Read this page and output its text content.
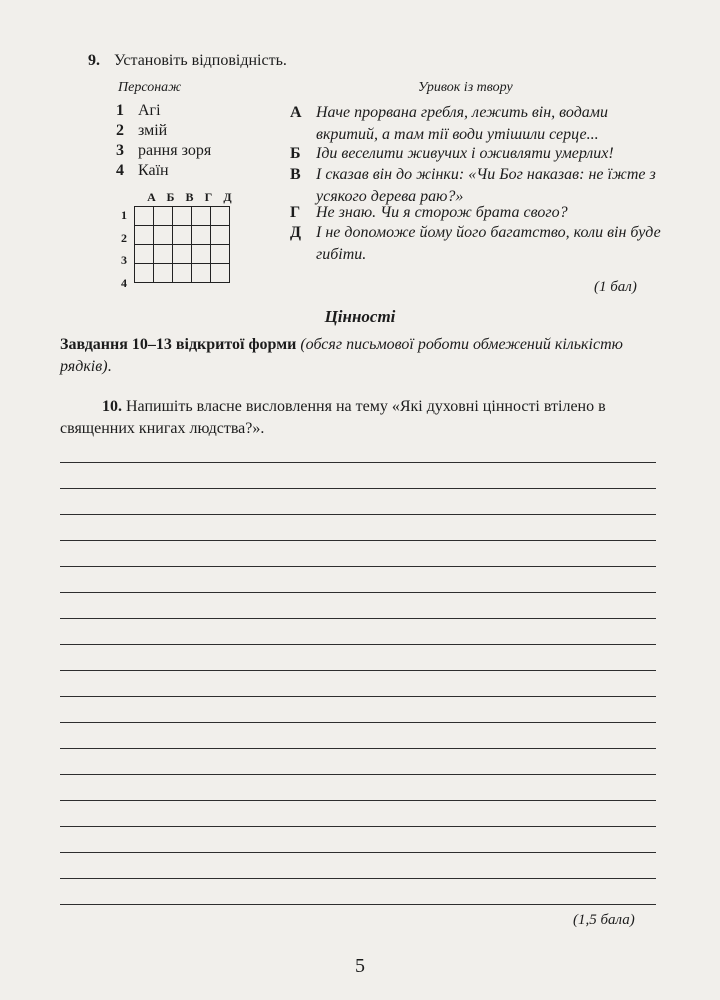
9. Установіть відповідність.
Персонаж	Уривок із твору
1 Агі
2 змій
3 рання зоря
4 Каїн
А Б В Г Д
1
2
3
4

А Наче прорвана гребля, лежить він, водами вкритий, а там тії води утішили серце...
Б Іди веселити живучих і оживляти умерлих!
В І сказав він до жінки: «Чи Бог наказав: не їжте з усякого дерева раю?»
Г Не знаю. Чи я сторож брата свого?
Д І не допоможе йому його багатство, коли він буде гибіти.
(1 бал)
Цінності
Завдання 10–13 відкритої форми (обсяг письмової роботи обмежений кількістю рядків).
10. Напишіть власне висловлення на тему «Які духовні цінності втілено в священних книгах людства?».
(1,5 бала)
5
